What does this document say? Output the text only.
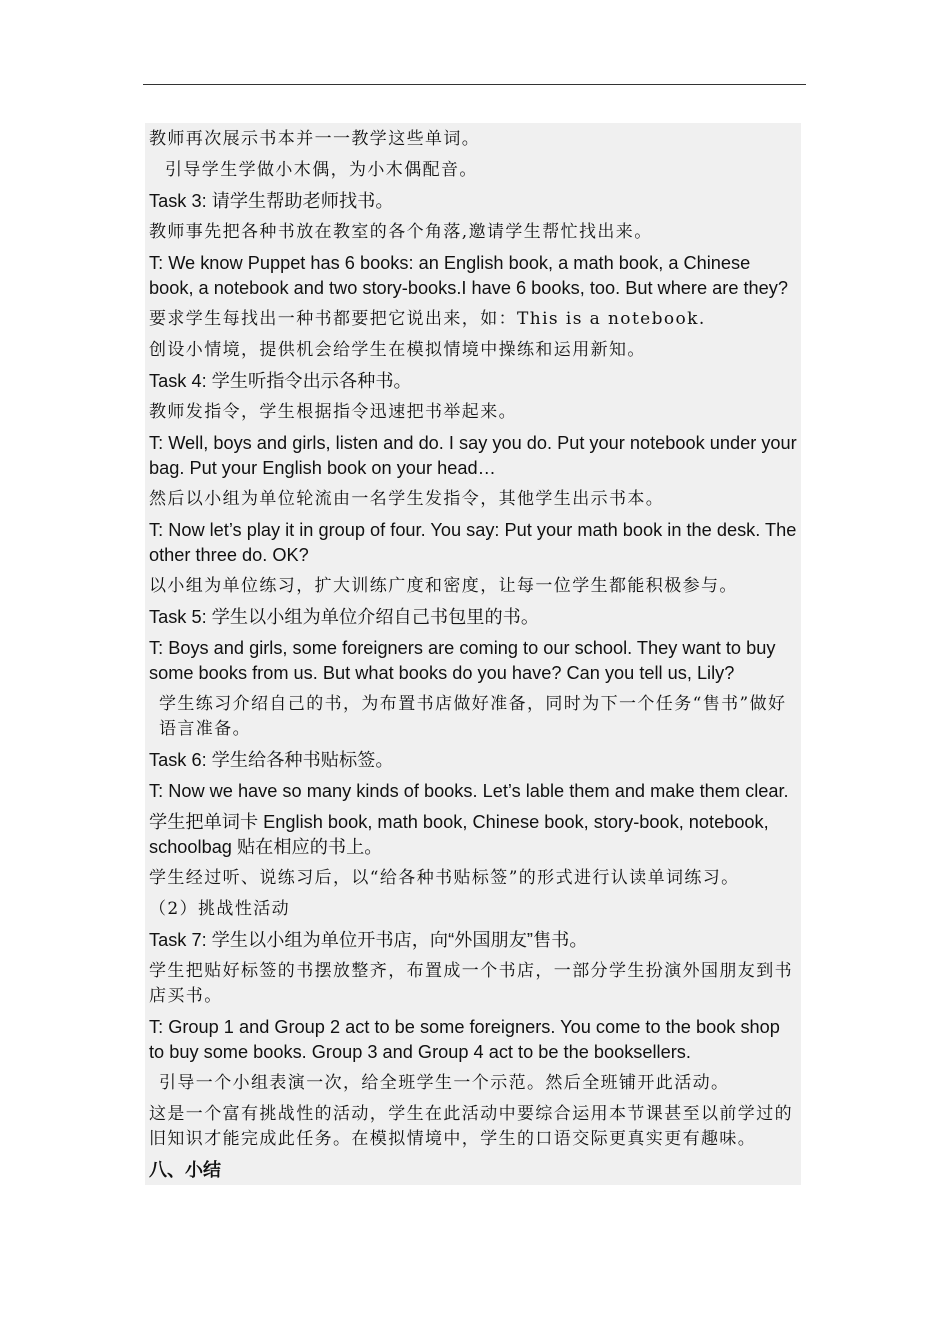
教师再次展示书本并一一教学这些单词。

引导学生学做小木偶，为小木偶配音。

Task 3: 请学生帮助老师找书。

教师事先把各种书放在教室的各个角落,邀请学生帮忙找出来。

T: We know Puppet has 6 books: an English book, a math book, a Chinese book, a notebook and two story-books.I have 6 books, too. But where are they?

要求学生每找出一种书都要把它说出来，如：This is a notebook.

创设小情境，提供机会给学生在模拟情境中操练和运用新知。

Task 4: 学生听指令出示各种书。

教师发指令，学生根据指令迅速把书举起来。

T: Well, boys and girls, listen and do. I say you do. Put your notebook under your bag. Put your English book on your head…

然后以小组为单位轮流由一名学生发指令，其他学生出示书本。

T: Now let’s play it in group of four. You say: Put your math book in the desk. The other three do. OK?

以小组为单位练习，扩大训练广度和密度，让每一位学生都能积极参与。

Task 5: 学生以小组为单位介绍自己书包里的书。

T: Boys and girls, some foreigners are coming to our school. They want to buy some books from us. But what books do you have? Can you tell us, Lily?

学生练习介绍自己的书，为布置书店做好准备，同时为下一个任务“售书”做好语言准备。

Task 6: 学生给各种书贴标签。

T: Now we have so many kinds of books. Let’s lable them and make them clear.

学生把单词卡 English book, math book, Chinese book, story-book, notebook, schoolbag 贴在相应的书上。

学生经过听、说练习后，以“给各种书贴标签”的形式进行认读单词练习。

（2）挑战性活动

Task 7: 学生以小组为单位开书店，向“外国朋友”售书。

学生把贴好标签的书摆放整齐，布置成一个书店，一部分学生扮演外国朋友到书店买书。

T: Group 1 and Group 2 act to be some foreigners. You come to the book shop to buy some books. Group 3 and Group 4 act to be the booksellers.

引导一个小组表演一次，给全班学生一个示范。然后全班铺开此活动。

这是一个富有挑战性的活动，学生在此活动中要综合运用本节课甚至以前学过的旧知识才能完成此任务。在模拟情境中，学生的口语交际更真实更有趣味。

八、小结
